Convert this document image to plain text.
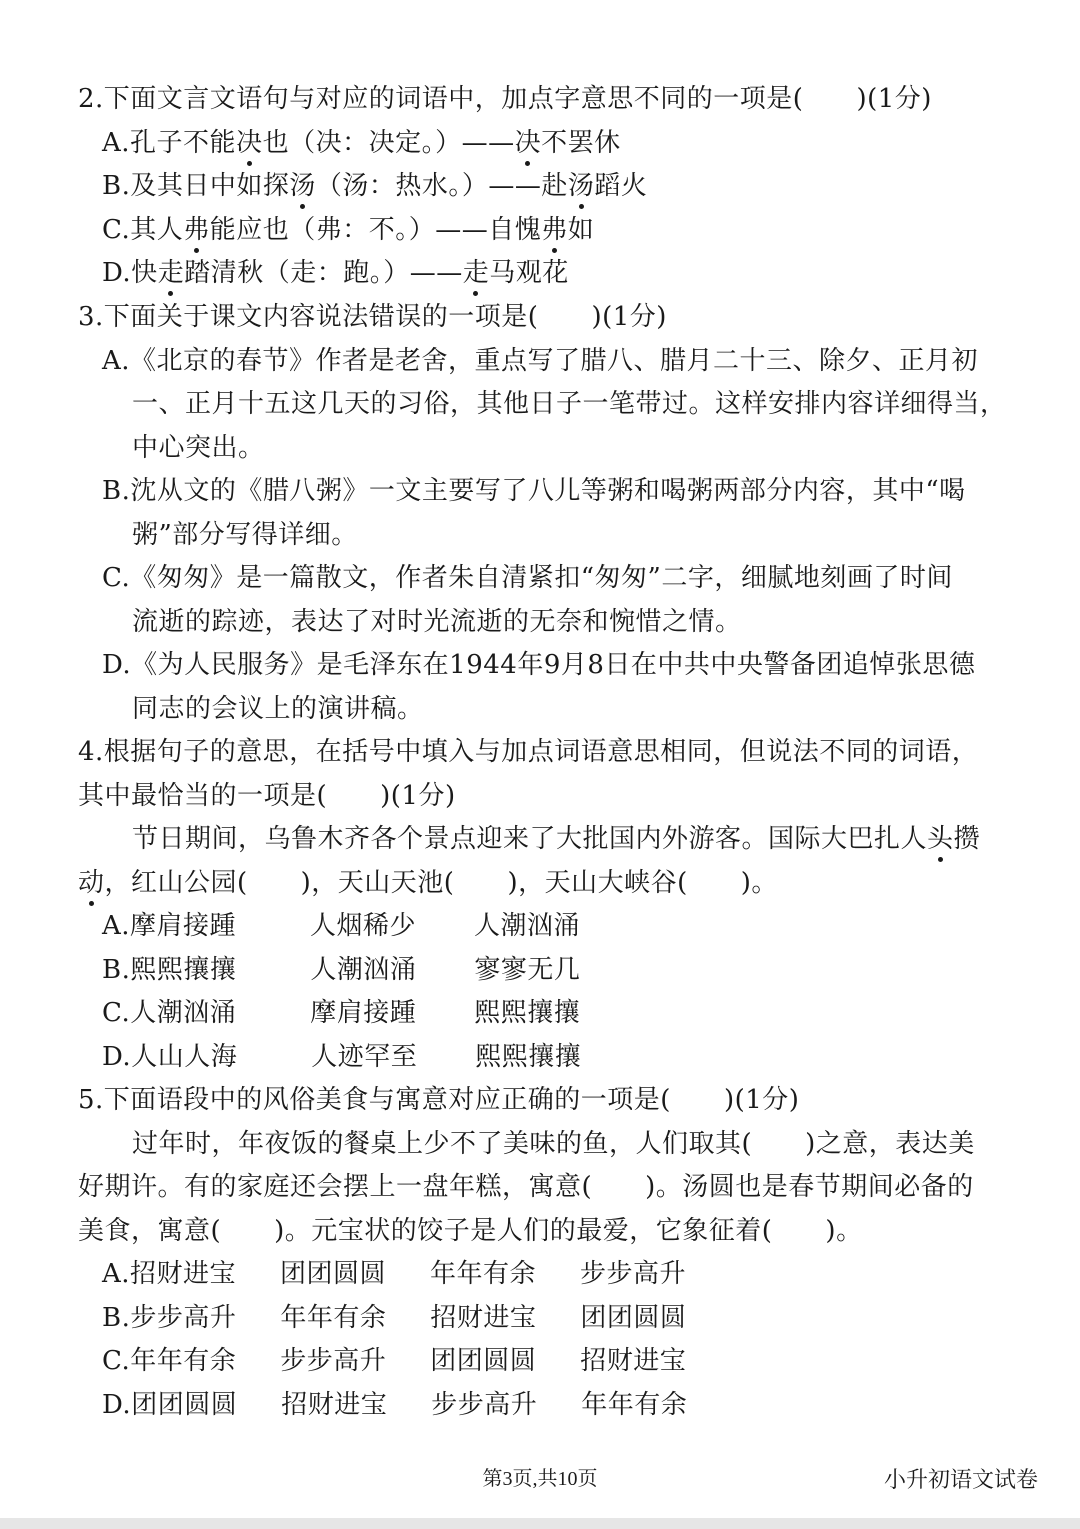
2.下面文言文语句与对应的词语中，加点字意思不同的一项是(　　)(1分)
A.孔子不能决也（决：决定。）——决不罢休
B.及其日中如探汤（汤：热水。）——赴汤蹈火
C.其人弗能应也（弗：不。）——自愧弗如
D.快走踏清秋（走：跑。）——走马观花
3.下面关于课文内容说法错误的一项是(　　)(1分)
A.《北京的春节》作者是老舍，重点写了腊八、腊月二十三、除夕、正月初
一、正月十五这几天的习俗，其他日子一笔带过。这样安排内容详细得当，
中心突出。
B.沈从文的《腊八粥》一文主要写了八儿等粥和喝粥两部分内容，其中“喝
粥”部分写得详细。
C.《匆匆》是一篇散文，作者朱自清紧扣“匆匆”二字，细腻地刻画了时间
流逝的踪迹，表达了对时光流逝的无奈和惋惜之情。
D.《为人民服务》是毛泽东在1944年9月8日在中共中央警备团追悼张思德
同志的会议上的演讲稿。
4.根据句子的意思，在括号中填入与加点词语意思相同，但说法不同的词语，
其中最恰当的一项是(　　)(1分)
节日期间，乌鲁木齐各个景点迎来了大批国内外游客。国际大巴扎人头攒
动，红山公园(　　)，天山天池(　　)，天山大峡谷(　　)。
A.摩肩接踵	人烟稀少 人潮汹涌
B.熙熙攘攘	人潮汹涌 寥寥无几
C.人潮汹涌	摩肩接踵 熙熙攘攘
D.人山人海	人迹罕至 熙熙攘攘
5.下面语段中的风俗美食与寓意对应正确的一项是(　　)(1分)
过年时，年夜饭的餐桌上少不了美味的鱼，人们取其(　　)之意，表达美
好期许。有的家庭还会摆上一盘年糕，寓意(　　)。汤圆也是春节期间必备的
美食，寓意(　　)。元宝状的饺子是人们的最爱，它象征着(　　)。
A.招财进宝 团团圆圆 年年有余 步步高升
B.步步高升 年年有余 招财进宝 团团圆圆
C.年年有余 步步高升 团团圆圆 招财进宝
D.团团圆圆 招财进宝 步步高升 年年有余
第3页,共10页	小升初语文试卷
